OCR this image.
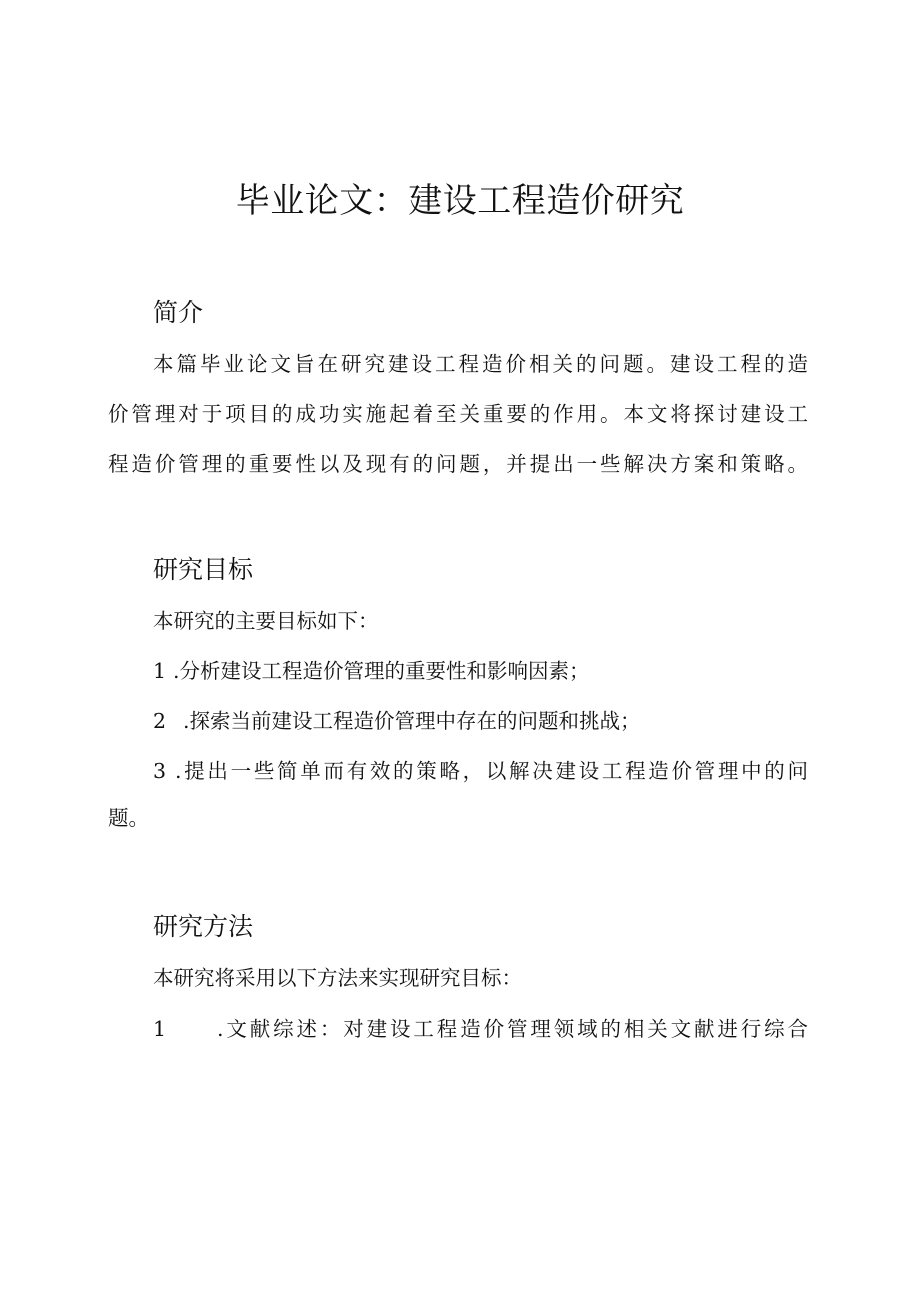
毕业论文：建设工程造价研究
简介
本篇毕业论文旨在研究建设工程造价相关的问题。建设工程的造
价管理对于项目的成功实施起着至关重要的作用。本文将探讨建设工
程造价管理的重要性以及现有的问题，并提出一些解决方案和策略。
研究目标
本研究的主要目标如下：
1 .分析建设工程造价管理的重要性和影响因素；
2 .探索当前建设工程造价管理中存在的问题和挑战；
3 .提出一些简单而有效的策略，以解决建设工程造价管理中的问
题。
研究方法
本研究将采用以下方法来实现研究目标：
1	.文献综述：对建设工程造价管理领域的相关文献进行综合
